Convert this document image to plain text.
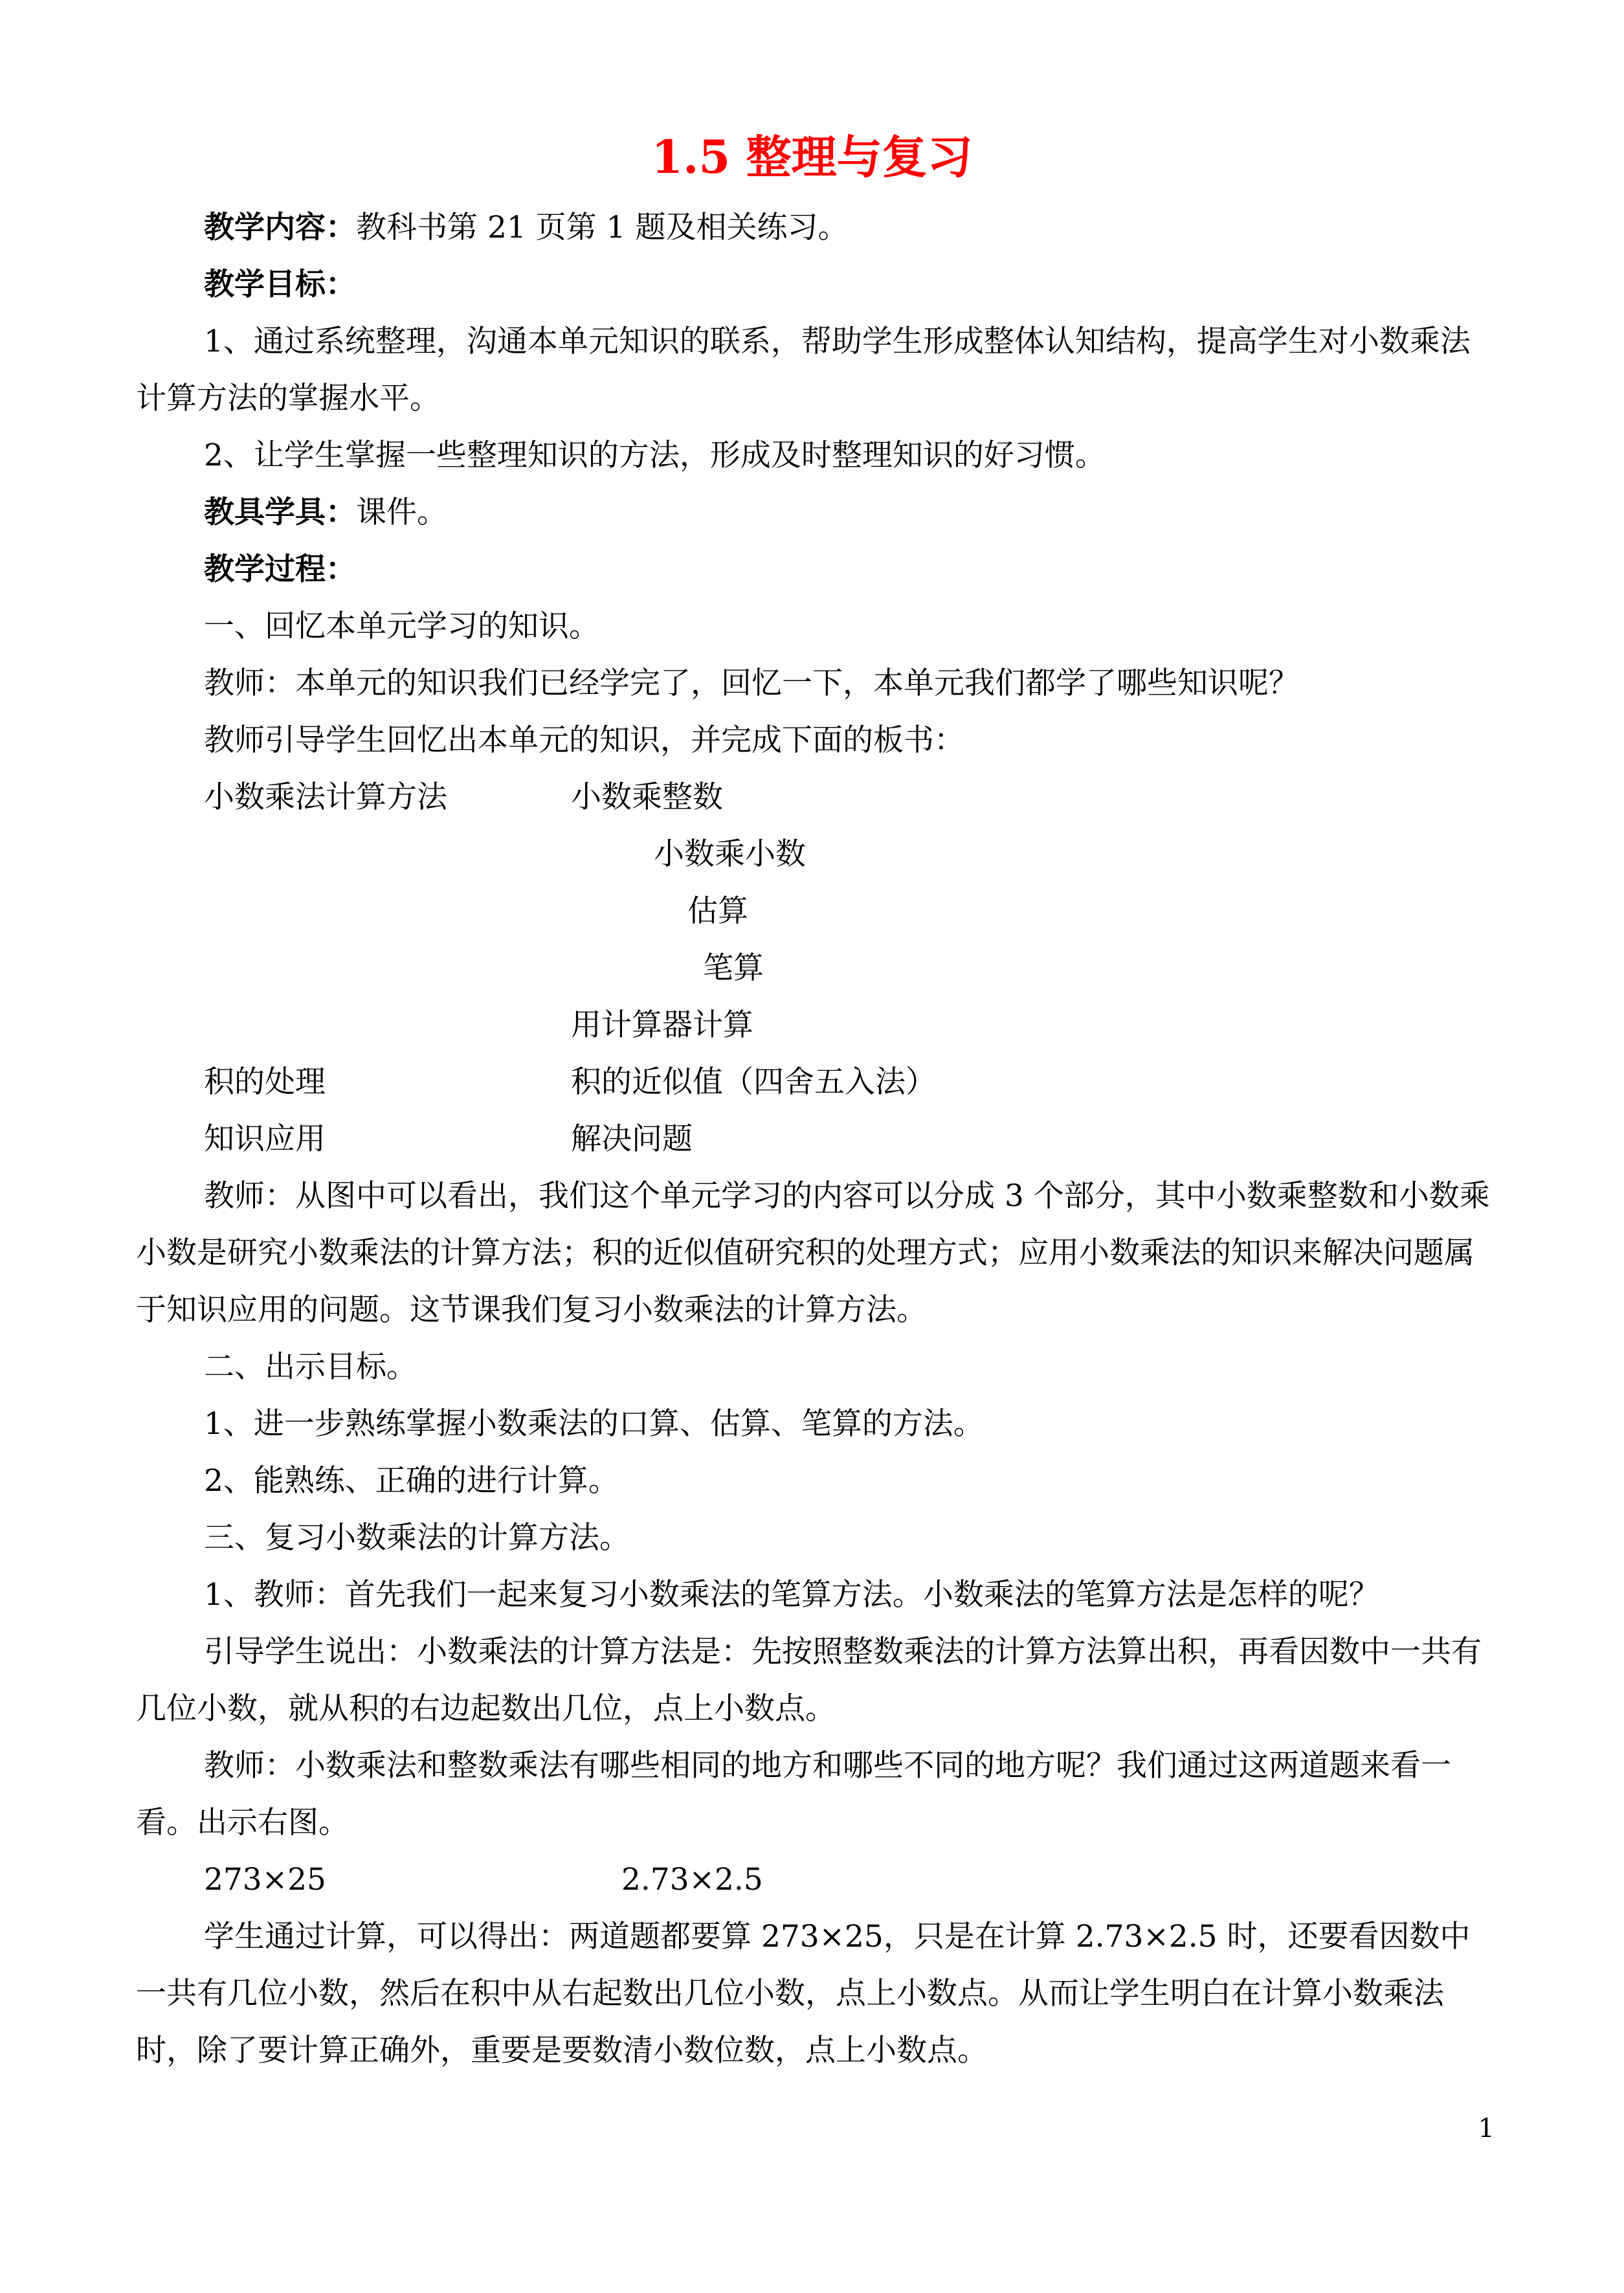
1.5 整理与复习

教学内容：教科书第 21 页第 1 题及相关练习。

教学目标：

1、通过系统整理，沟通本单元知识的联系，帮助学生形成整体认知结构，提高学生对小数乘法计算方法的掌握水平。

2、让学生掌握一些整理知识的方法，形成及时整理知识的好习惯。

教具学具：课件。

教学过程：

一、回忆本单元学习的知识。

教师：本单元的知识我们已经学完了，回忆一下，本单元我们都学了哪些知识呢？

教师引导学生回忆出本单元的知识，并完成下面的板书：

小数乘法计算方法	小数乘整数
小数乘小数
估算
笔算
用计算器计算
积的处理	积的近似值（四舍五入法）
知识应用	解决问题

教师：从图中可以看出，我们这个单元学习的内容可以分成 3 个部分，其中小数乘整数和小数乘小数是研究小数乘法的计算方法；积的近似值研究积的处理方式；应用小数乘法的知识来解决问题属于知识应用的问题。这节课我们复习小数乘法的计算方法。

二、出示目标。

1、进一步熟练掌握小数乘法的口算、估算、笔算的方法。

2、能熟练、正确的进行计算。

三、复习小数乘法的计算方法。

1、教师：首先我们一起来复习小数乘法的笔算方法。小数乘法的笔算方法是怎样的呢？

引导学生说出：小数乘法的计算方法是：先按照整数乘法的计算方法算出积，再看因数中一共有几位小数，就从积的右边起数出几位，点上小数点。

教师：小数乘法和整数乘法有哪些相同的地方和哪些不同的地方呢？我们通过这两道题来看一看。出示右图。

273×25	2.73×2.5

学生通过计算，可以得出：两道题都要算 273×25，只是在计算 2.73×2.5 时，还要看因数中一共有几位小数，然后在积中从右起数出几位小数，点上小数点。从而让学生明白在计算小数乘法时，除了要计算正确外，重要是要数清小数位数，点上小数点。

1
